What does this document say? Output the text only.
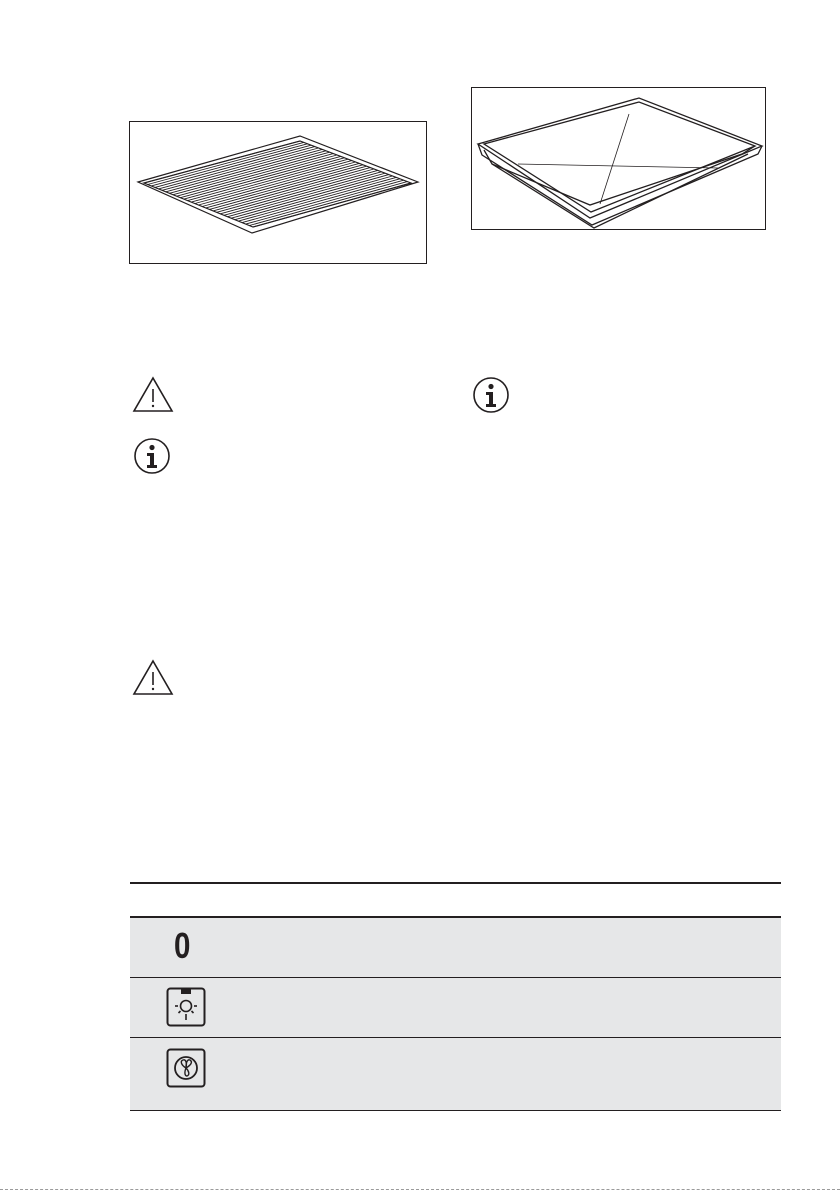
0
